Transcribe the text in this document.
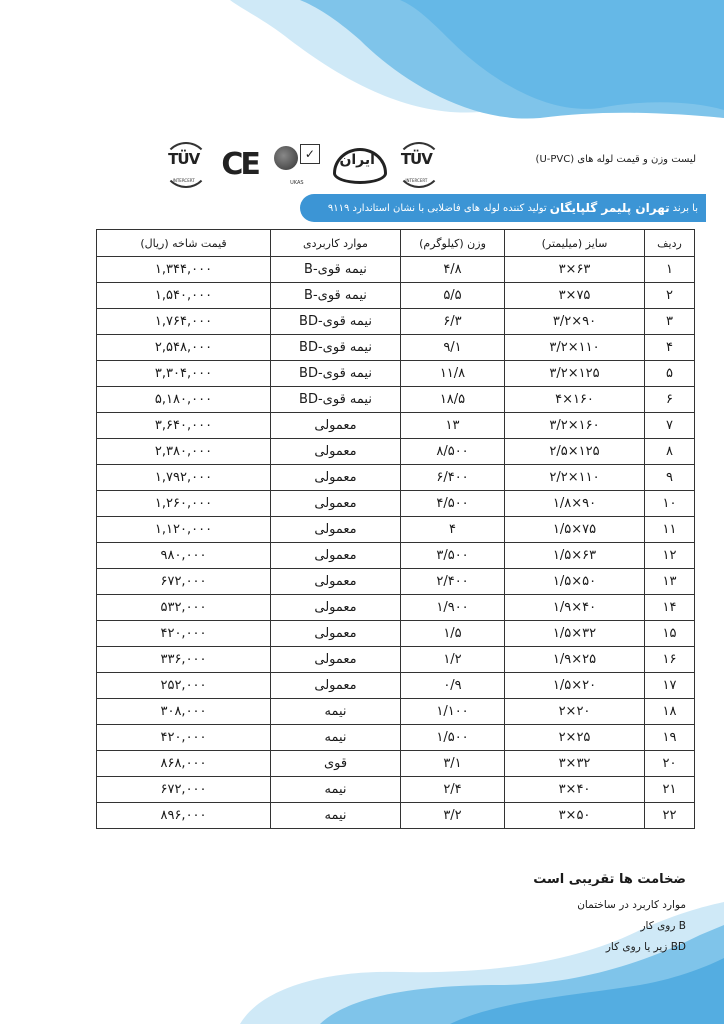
TÜV
INTERCERT CE	✓
UKAS
ایران	TÜV
INTERCERT
لیست وزن و قیمت لوله های (U-PVC)
با برند
تهران پلیمر گلپایگان
تولید کننده لوله های فاضلابی با نشان استاندارد ۹۱۱۹
ردیف	سایز (میلیمتر)	وزن (کیلوگرم)	موارد کاربردی	قیمت شاخه (ریال)
۱	۶۳×۳	۴/۸	نیمه قوی-B	۱,۳۴۴,۰۰۰
۲	۷۵×۳	۵/۵	نیمه قوی-B	۱,۵۴۰,۰۰۰
۳	۹۰×۳/۲	۶/۳	نیمه قوی-BD	۱,۷۶۴,۰۰۰
۴	۱۱۰×۳/۲	۹/۱	نیمه قوی-BD	۲,۵۴۸,۰۰۰
۵	۱۲۵×۳/۲	۱۱/۸	نیمه قوی-BD	۳,۳۰۴,۰۰۰
۶	۱۶۰×۴	۱۸/۵	نیمه قوی-BD	۵,۱۸۰,۰۰۰
۷	۱۶۰×۳/۲	۱۳	معمولی	۳,۶۴۰,۰۰۰
۸	۱۲۵×۲/۵	۸/۵۰۰	معمولی	۲,۳۸۰,۰۰۰
۹	۱۱۰×۲/۲	۶/۴۰۰	معمولی	۱,۷۹۲,۰۰۰
۱۰	۹۰×۱/۸	۴/۵۰۰	معمولی	۱,۲۶۰,۰۰۰
۱۱	۷۵×۱/۵	۴	معمولی	۱,۱۲۰,۰۰۰
۱۲	۶۳×۱/۵	۳/۵۰۰	معمولی	۹۸۰,۰۰۰
۱۳	۵۰×۱/۵	۲/۴۰۰	معمولی	۶۷۲,۰۰۰
۱۴	۴۰×۱/۹	۱/۹۰۰	معمولی	۵۳۲,۰۰۰
۱۵	۳۲×۱/۵	۱/۵	معمولی	۴۲۰,۰۰۰
۱۶	۲۵×۱/۹	۱/۲	معمولی	۳۳۶,۰۰۰
۱۷	۲۰×۱/۵	۰/۹	معمولی	۲۵۲,۰۰۰
۱۸	۲۰×۲	۱/۱۰۰	نیمه	۳۰۸,۰۰۰
۱۹	۲۵×۲	۱/۵۰۰	نیمه	۴۲۰,۰۰۰
۲۰	۳۲×۳	۳/۱	قوی	۸۶۸,۰۰۰
۲۱	۴۰×۳	۲/۴	نیمه	۶۷۲,۰۰۰
۲۲	۵۰×۳	۳/۲	نیمه	۸۹۶,۰۰۰
ضخامت ها تقریبی است
موارد کاربرد در ساختمان
B روی کار
BD زیر یا روی کار
